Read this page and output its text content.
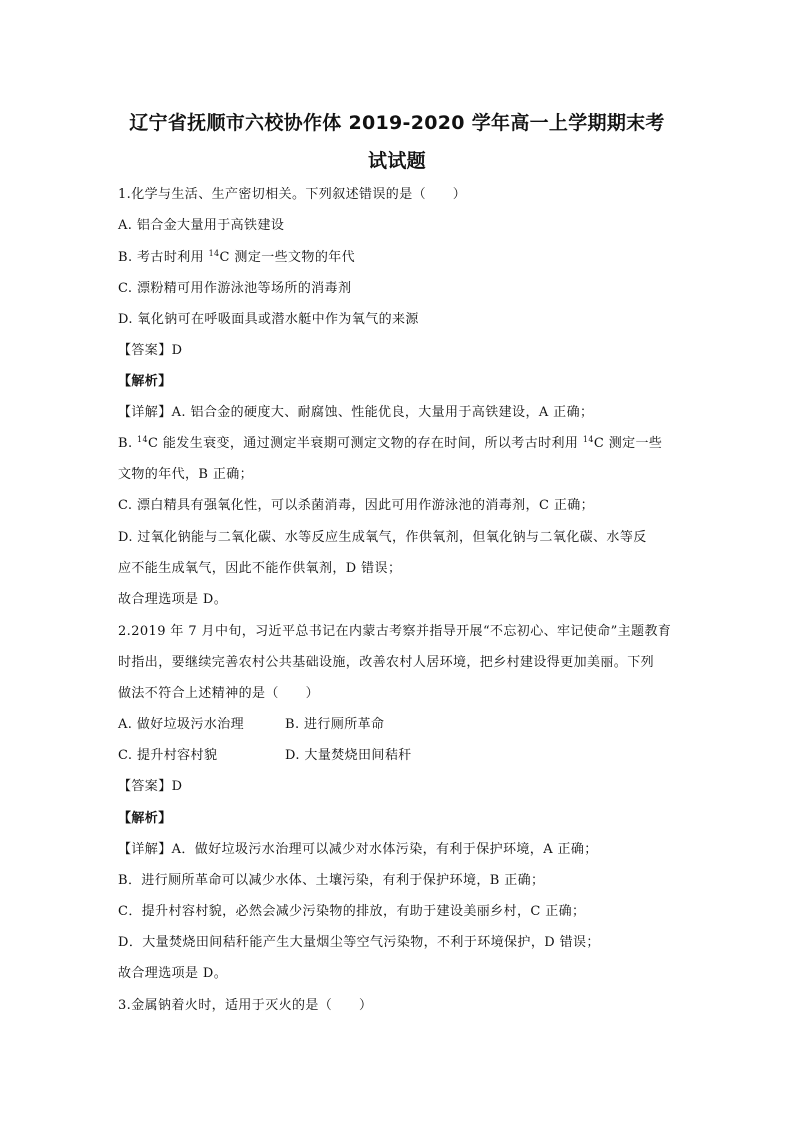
辽宁省抚顺市六校协作体 2019-2020 学年高一上学期期末考
试试题
1.化学与生活、生产密切相关。下列叙述错误的是（　　）
A. 铝合金大量用于高铁建设
B. 考古时利用 $^{14}$C 测定一些文物的年代
C. 漂粉精可用作游泳池等场所的消毒剂
D. 氧化钠可在呼吸面具或潜水艇中作为氧气的来源
【答案】D
【解析】
【详解】A. 铝合金的硬度大、耐腐蚀、性能优良，大量用于高铁建设，A 正确；
B. $^{14}$C 能发生衰变，通过测定半衰期可测定文物的存在时间，所以考古时利用 $^{14}$C 测定一些
文物的年代，B 正确；
C. 漂白精具有强氧化性，可以杀菌消毒，因此可用作游泳池的消毒剂，C 正确；
D. 过氧化钠能与二氧化碳、水等反应生成氧气，作供氧剂，但氧化钠与二氧化碳、水等反
应不能生成氧气，因此不能作供氧剂，D 错误；
故合理选项是 D。
2.2019 年 7 月中旬，习近平总书记在内蒙古考察并指导开展“不忘初心、牢记使命”主题教育
时指出，要继续完善农村公共基础设施，改善农村人居环境，把乡村建设得更加美丽。下列
做法不符合上述精神的是（　　）
A. 做好垃圾污水治理	B. 进行厕所革命
C. 提升村容村貌	D. 大量焚烧田间秸秆
【答案】D
【解析】
【详解】A．做好垃圾污水治理可以减少对水体污染，有利于保护环境，A 正确；
B．进行厕所革命可以减少水体、土壤污染，有利于保护环境，B 正确；
C．提升村容村貌，必然会减少污染物的排放，有助于建设美丽乡村，C 正确；
D．大量焚烧田间秸秆能产生大量烟尘等空气污染物，不利于环境保护，D 错误；
故合理选项是 D。
3.金属钠着火时，适用于灭火的是（　　）
